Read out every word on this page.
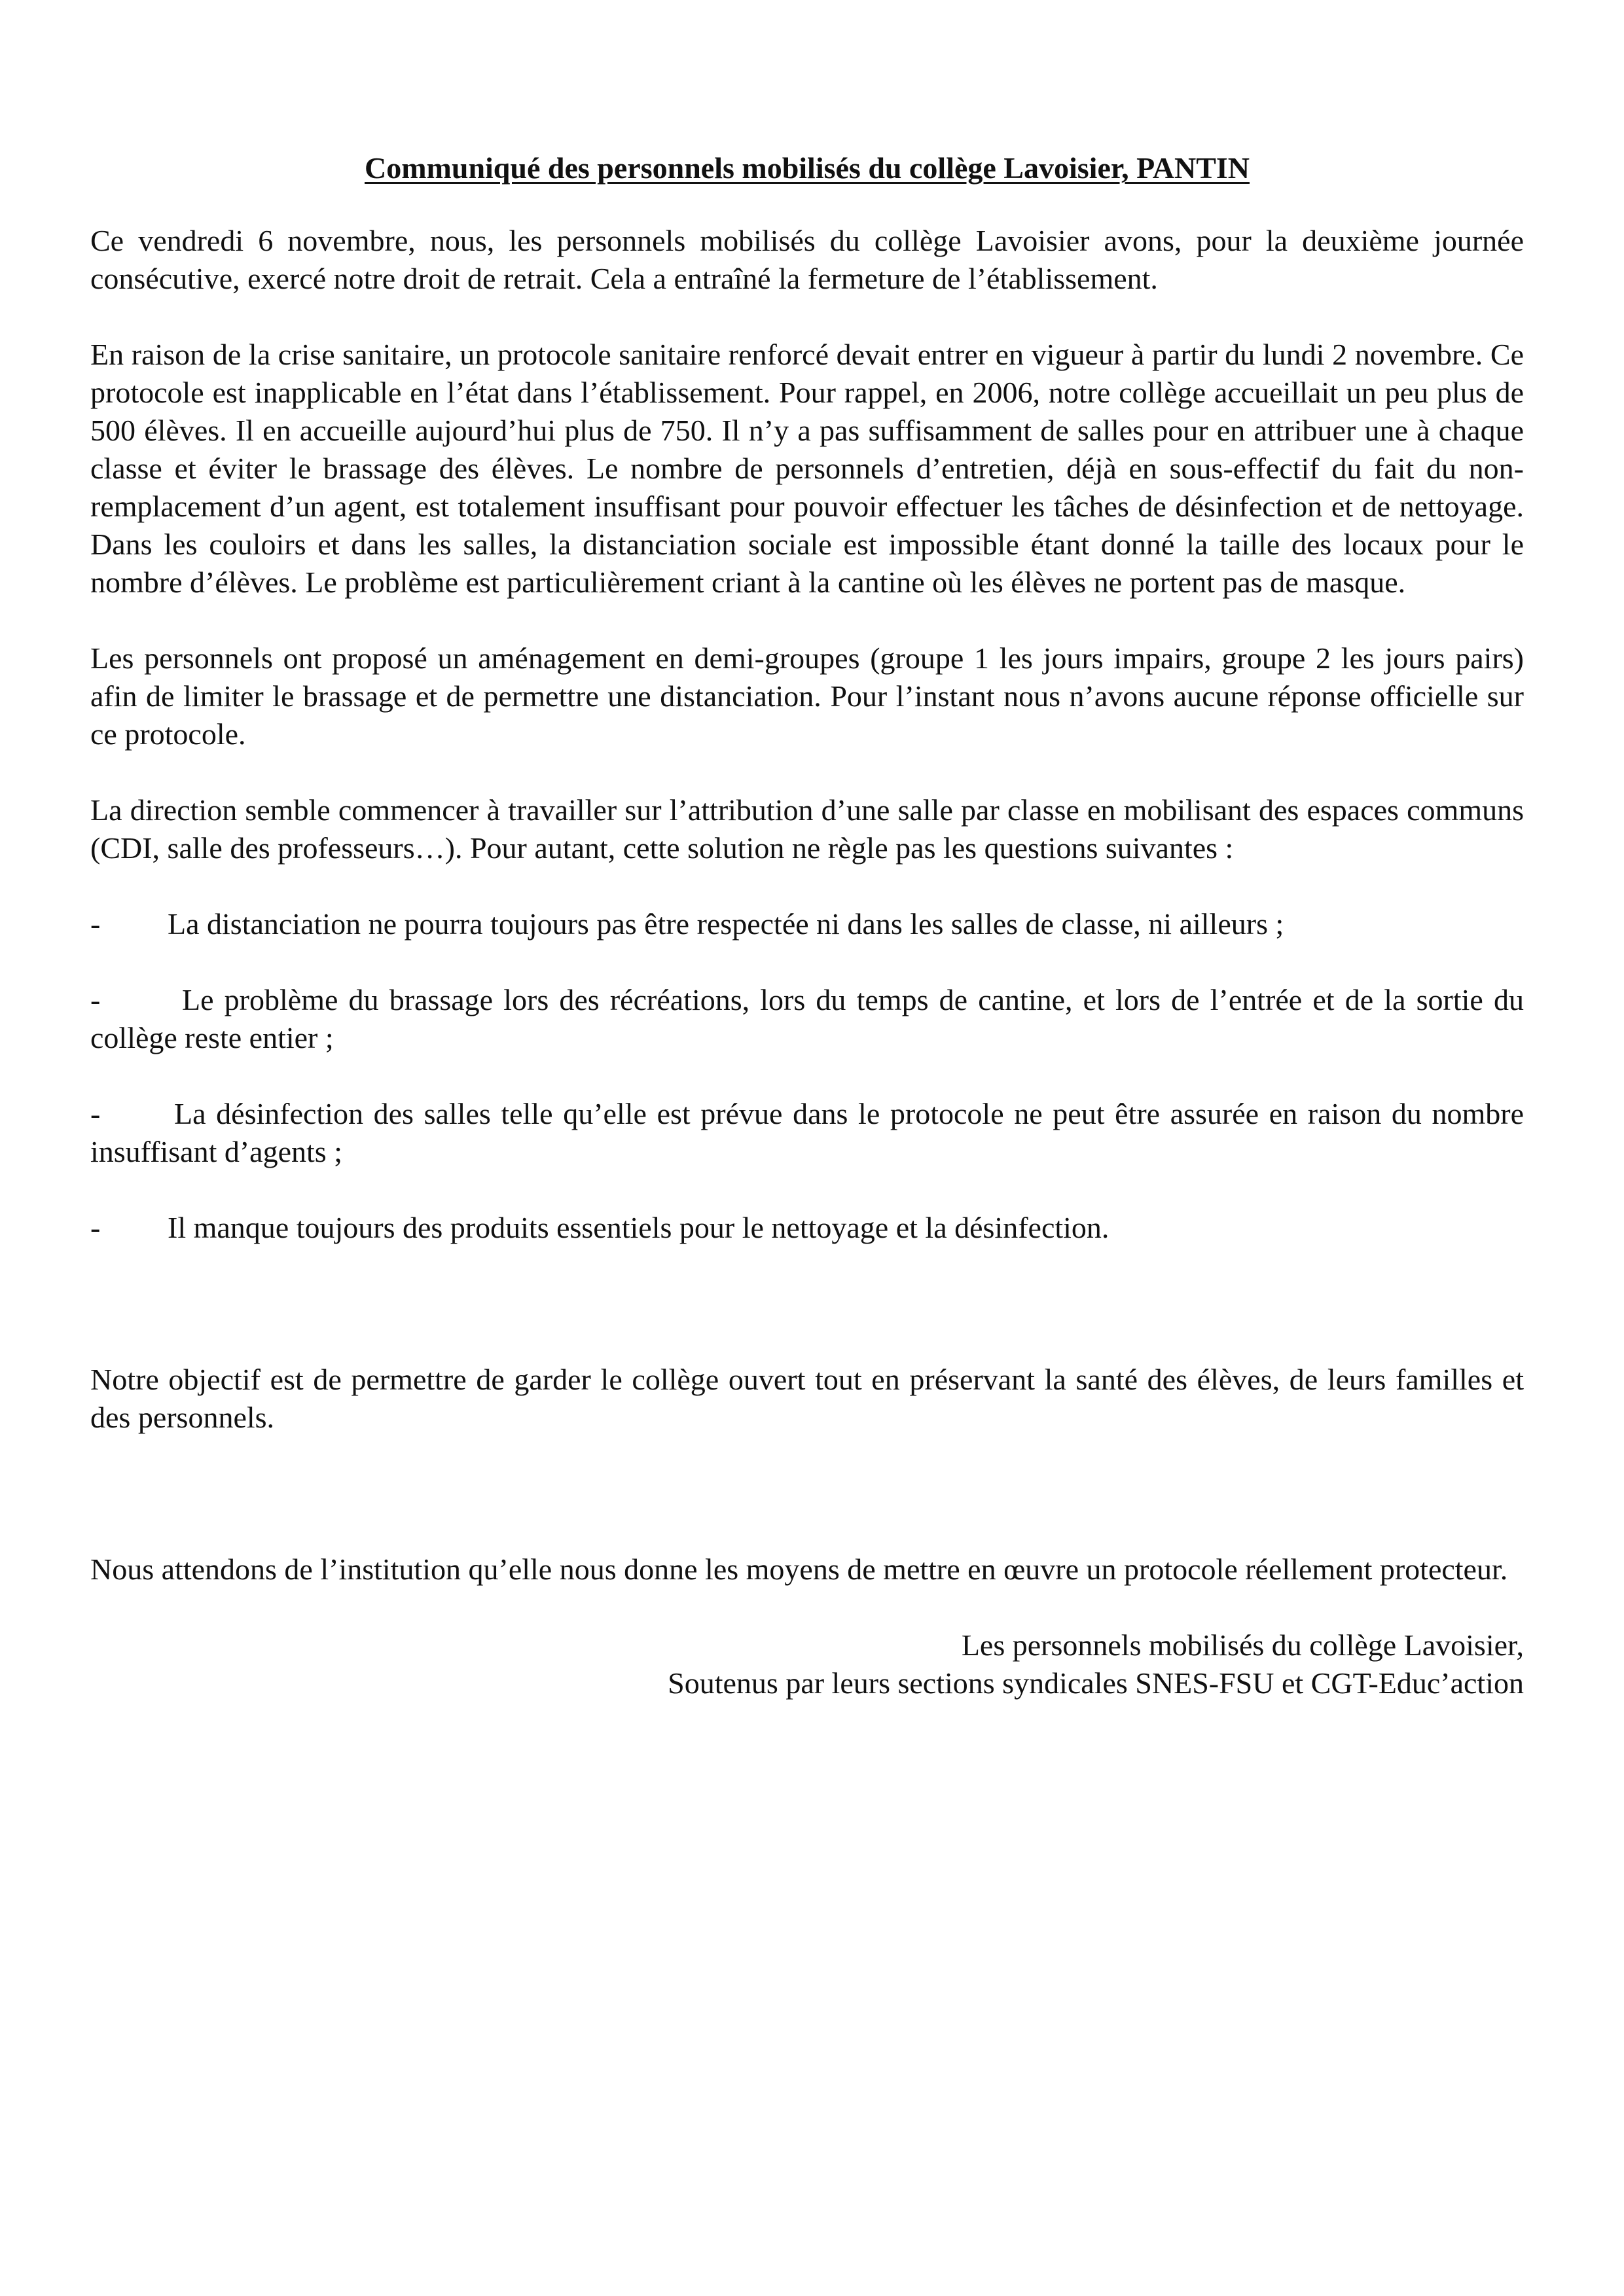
Communiqué des personnels mobilisés du collège Lavoisier, PANTIN

Ce vendredi 6 novembre, nous, les personnels mobilisés du collège Lavoisier avons, pour la deuxième journée consécutive, exercé notre droit de retrait. Cela a entraîné la fermeture de l’établissement.

En raison de la crise sanitaire, un protocole sanitaire renforcé devait entrer en vigueur à partir du lundi 2 novembre. Ce protocole est inapplicable en l’état dans l’établissement. Pour rappel, en 2006, notre collège accueillait un peu plus de 500 élèves. Il en accueille aujourd’hui plus de 750. Il n’y a pas suffisamment de salles pour en attribuer une à chaque classe et éviter le brassage des élèves. Le nombre de personnels d’entretien, déjà en sous-effectif du fait du non-remplacement d’un agent, est totalement insuffisant pour pouvoir effectuer les tâches de désinfection et de nettoyage. Dans les couloirs et dans les salles, la distanciation sociale est impossible étant donné la taille des locaux pour le nombre d’élèves. Le problème est particulièrement criant à la cantine où les élèves ne portent pas de masque.

Les personnels ont proposé un aménagement en demi-groupes (groupe 1 les jours impairs, groupe 2 les jours pairs) afin de limiter le brassage et de permettre une distanciation. Pour l’instant nous n’avons aucune réponse officielle sur ce protocole.

La direction semble commencer à travailler sur l’attribution d’une salle par classe en mobilisant des espaces communs (CDI, salle des professeurs…). Pour autant, cette solution ne règle pas les questions suivantes :

-	La distanciation ne pourra toujours pas être respectée ni dans les salles de classe, ni ailleurs ;
-	Le problème du brassage lors des récréations, lors du temps de cantine, et lors de l’entrée et de la sortie du collège reste entier ;
-	La désinfection des salles telle qu’elle est prévue dans le protocole ne peut être assurée en raison du nombre insuffisant d’agents ;
-	Il manque toujours des produits essentiels pour le nettoyage et la désinfection.

Notre objectif est de permettre de garder le collège ouvert tout en préservant la santé des élèves, de leurs familles et des personnels.

Nous attendons de l’institution qu’elle nous donne les moyens de mettre en œuvre un protocole réellement protecteur.

Les personnels mobilisés du collège Lavoisier,
Soutenus par leurs sections syndicales SNES-FSU et CGT-Educ’action
